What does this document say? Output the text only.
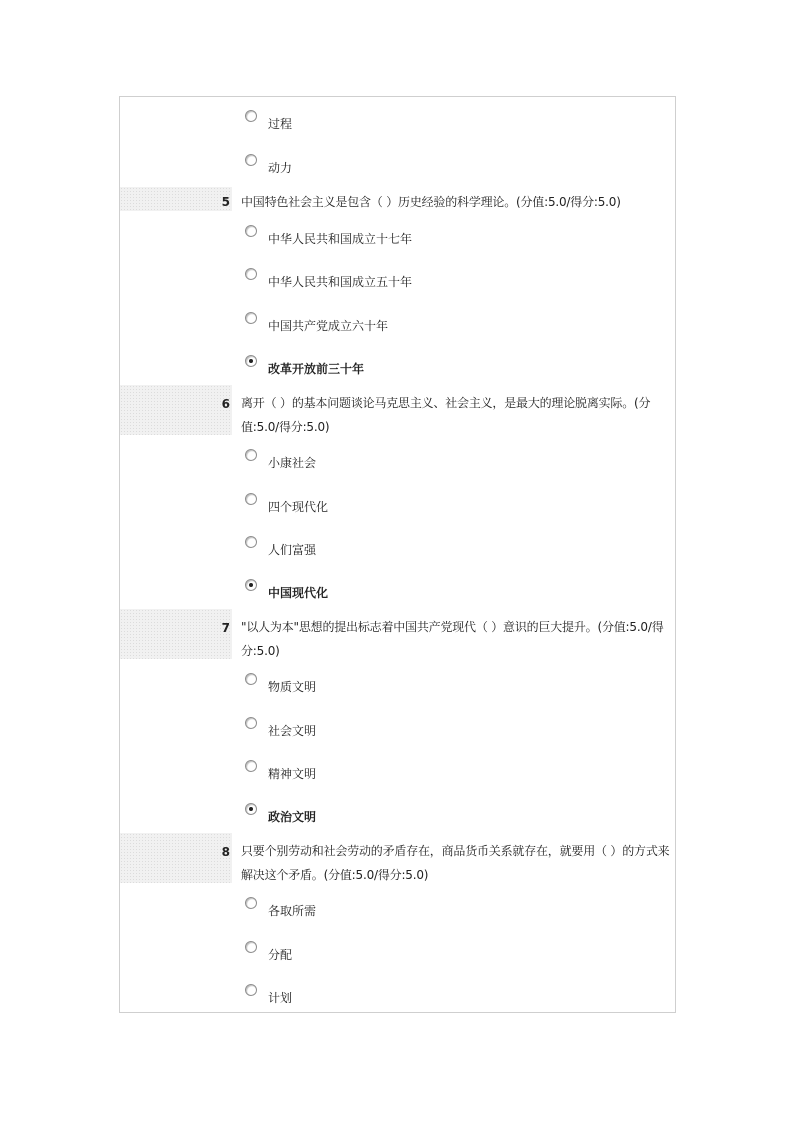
过程
动力
5 中国特色社会主义是包含（ ）历史经验的科学理论。(分值:5.0/得分:5.0)
中华人民共和国成立十七年
中华人民共和国成立五十年
中国共产党成立六十年
改革开放前三十年
6 离开（ ）的基本问题谈论马克思主义、社会主义，是最大的理论脱离实际。(分值:5.0/得分:5.0)
小康社会
四个现代化
人们富强
中国现代化
7 "以人为本"思想的提出标志着中国共产党现代（ ）意识的巨大提升。(分值:5.0/得分:5.0)
物质文明
社会文明
精神文明
政治文明
8 只要个别劳动和社会劳动的矛盾存在，商品货币关系就存在，就要用（ ）的方式来解决这个矛盾。(分值:5.0/得分:5.0)
各取所需
分配
计划
